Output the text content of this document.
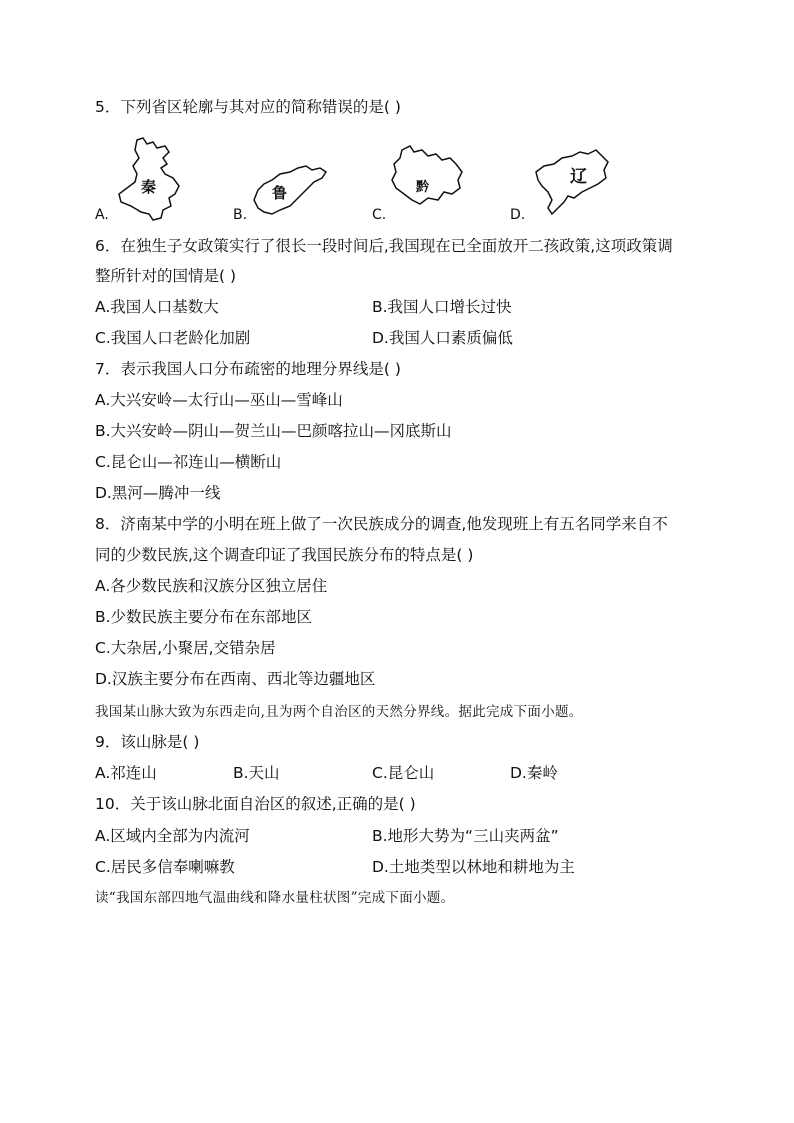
5．下列省区轮廓与其对应的简称错误的是( )
A.
秦
B.
鲁
C.
黔
D.
辽
6．在独生子女政策实行了很长一段时间后,我国现在已全面放开二孩政策,这项政策调
整所针对的国情是( )
A.我国人口基数大	B.我国人口增长过快
C.我国人口老龄化加剧	D.我国人口素质偏低
7．表示我国人口分布疏密的地理分界线是( )
A.大兴安岭—太行山—巫山—雪峰山
B.大兴安岭—阴山—贺兰山—巴颜喀拉山—冈底斯山
C.昆仑山—祁连山—横断山
D.黑河—腾冲一线
8．济南某中学的小明在班上做了一次民族成分的调查,他发现班上有五名同学来自不
同的少数民族,这个调查印证了我国民族分布的特点是( )
A.各少数民族和汉族分区独立居住
B.少数民族主要分布在东部地区
C.大杂居,小聚居,交错杂居
D.汉族主要分布在西南、西北等边疆地区
我国某山脉大致为东西走向,且为两个自治区的天然分界线。据此完成下面小题。
9．该山脉是( )
A.祁连山	B.天山	C.昆仑山	D.秦岭
10．关于该山脉北面自治区的叙述,正确的是( )
A.区域内全部为内流河	B.地形大势为“三山夹两盆”
C.居民多信奉喇嘛教	D.土地类型以林地和耕地为主
读“我国东部四地气温曲线和降水量柱状图”完成下面小题。
